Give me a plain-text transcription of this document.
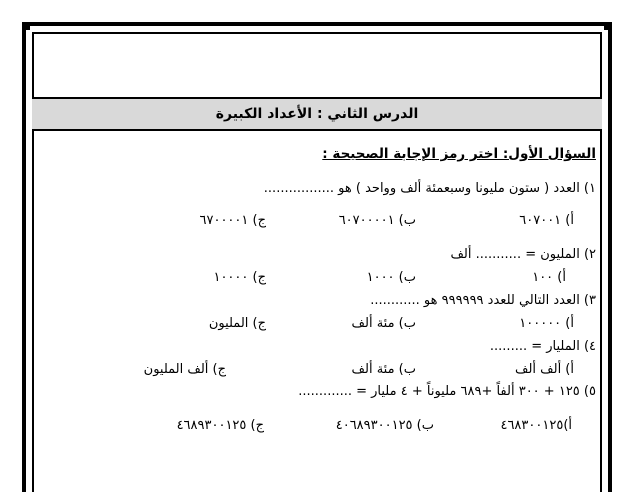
الدرس الثاني : الأعداد الكبيرة
السؤال الأول: اختر رمز الإجابة الصحيحة :
١) العدد ( ستون مليونا وسبعمئة ألف وواحد ) هو .................
أ) ٦٠٧٠٠١
ب) ٦٠٧٠٠٠٠١
ج) ٦٧٠٠٠٠١
٢) المليون = ........... ألف
أ) ١٠٠
ب) ١٠٠٠
ج) ١٠٠٠٠
٣) العدد التالي للعدد ٩٩٩٩٩٩ هو ............
أ) ١٠٠٠٠٠
ب) مئة ألف
ج) المليون
٤) المليار = .........
أ) ألف ألف
ب) مئة ألف
ج) ألف المليون
٥) ١٢٥ + ٣٠٠ ألفاً +٦٨٩ مليوناً + ٤ مليار = .............
أ)٤٦٨٣٠٠١٢٥
ب) ٤٠٦٨٩٣٠٠١٢٥
ج) ٤٦٨٩٣٠٠١٢٥
